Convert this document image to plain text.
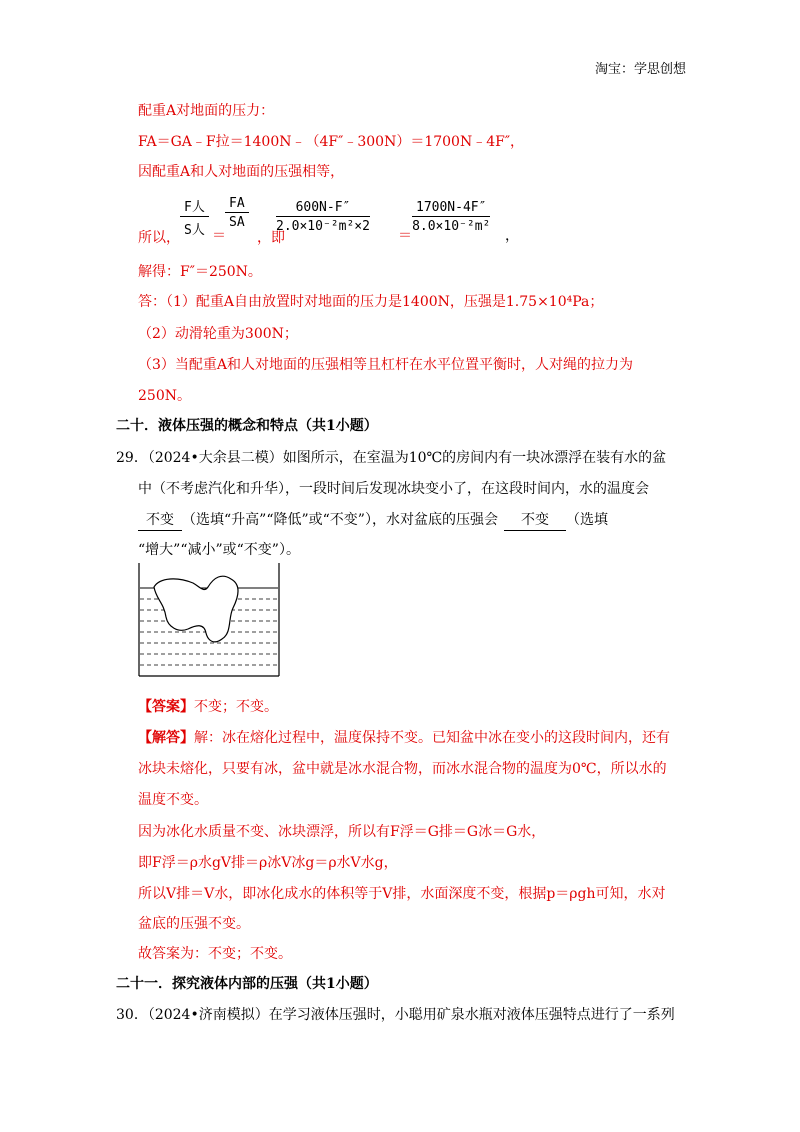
淘宝：学思创想
配重A对地面的压力：
FA＝GA﹣F拉＝1400N﹣（4F″﹣300N）＝1700N﹣4F″，
因配重A和人对地面的压强相等，
所以，
F人
S人 ＝
$\frac{FA}{SA}$
，即
$\frac{600N-F''}{\text{2.0×10⁻²m²×2}}$
＝
$\frac{1700N-4F''}{\text{8.0×10⁻²m²}}$
，
解得：F″＝250N。
答：（1）配重A自由放置时对地面的压力是1400N，压强是1.75×10⁴Pa；
（2）动滑轮重为300N；
（3）当配重A和人对地面的压强相等且杠杆在水平位置平衡时，人对绳的拉力为
250N。
二十．液体压强的概念和特点（共1小题）
29．（2024•大余县二模）如图所示，在室温为10℃的房间内有一块冰漂浮在装有水的盆
中（不考虑汽化和升华），一段时间后发现冰块变小了，在这段时间内，水的温度会
不变 （选填“升高”“降低”或“不变”），水对盆底的压强会 不变 （选填
“增大”“减小”或“不变”）。
【答案】不变；不变。
【解答】解：冰在熔化过程中，温度保持不变。已知盆中冰在变小的这段时间内，还有
冰块未熔化，只要有冰，盆中就是冰水混合物，而冰水混合物的温度为0℃，所以水的
温度不变。
因为冰化水质量不变、冰块漂浮，所以有F浮＝G排＝G冰＝G水，
即F浮＝ρ水gV排＝ρ冰V冰g＝ρ水V水g，
所以V排＝V水，即冰化成水的体积等于V排，水面深度不变，根据p＝ρgh可知，水对
盆底的压强不变。
故答案为：不变；不变。
二十一．探究液体内部的压强（共1小题）
30．（2024•济南模拟）在学习液体压强时，小聪用矿泉水瓶对液体压强特点进行了一系列
